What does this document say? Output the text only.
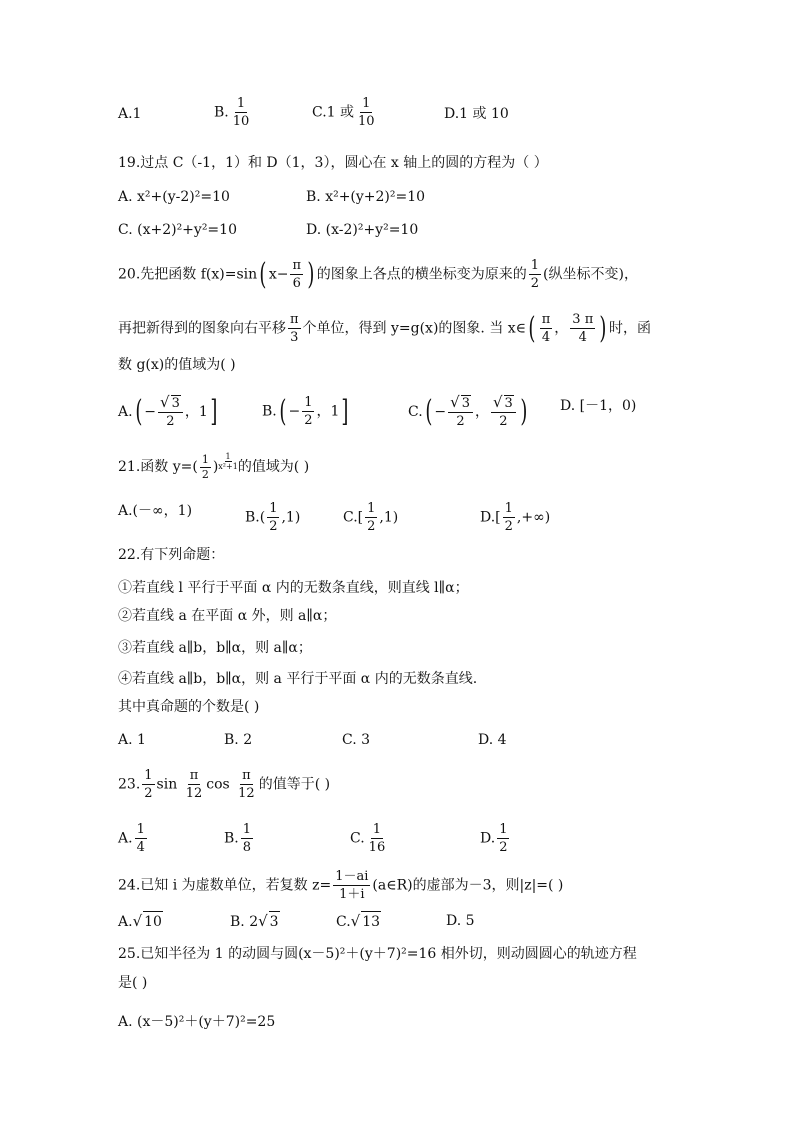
A.1	B. $\frac{1}{10}$	C.1 或 $\frac{1}{10}$	D.1 或 10
19.过点 C（-1，1）和 D（1，3），圆心在 x 轴上的圆的方程为（ ）
A. x²+(y-2)²=10	B. x²+(y+2)²=10
C. (x+2)²+y²=10	D. (x-2)²+y²=10
20.先把函数 f(x)=sin( $x- \frac{\pi}{6}$ ) 的图象上各点的横坐标变为原来的 $\frac{1}{2}$ (纵坐标不变)，
再把新得到的图象向右平移 $\frac{\pi}{3}$ 个单位，得到 y=g(x)的图象. 当 x∈( $\frac{\pi}{4}$ ， $\frac{3 \pi}{4}$ ) 时，函
数 g(x)的值域为( )
$A.( - \frac{√ 3}{2}$ ，1]	$B.( - \frac{1}{2}$ ，1]	$C.( - \frac{√ 3}{2}$ ， $\frac{√ 3}{2}$ ) D. [－1，0)
21.函数 $y=( \frac{1}{2}$ ) $\frac{1}{\text{x²+1}}$ 的值域为( )
A.(－∞，1)	$B.( \frac{1}{2} ,1)$	$C.[ \frac{1}{2} ,1)$	$D.[ \frac{1}{2}$ ,+∞)
22.有下列命题：
①若直线 l 平行于平面 α 内的无数条直线，则直线 l∥α；
②若直线 a 在平面 α 外，则 a∥α；
③若直线 a∥b，b∥α，则 a∥α；
④若直线 a∥b，b∥α，则 a 平行于平面 α 内的无数条直线.
其中真命题的个数是( )
A. 1	B. 2	C. 3	D. 4
23. $\frac{1}{2}$ $\sin \frac{\pi}{12}$ $\cos \frac{\pi}{12}$ 的值等于( )
A. $\frac{1}{4}$	B. $\frac{1}{8}$	C. $\frac{1}{16}$	D. $\frac{1}{2}$
24.已知 i 为虚数单位，若复数 $z= \frac{1-ai}{1+i}$ (a∈R)的虚部为－3，则|z|=( )
A.√ 10	B. 2√ 3	C.√ 13	D. 5
25.已知半径为 1 的动圆与圆(x－5)²＋(y＋7)²=16 相外切，则动圆圆心的轨迹方程
是( )
A. (x－5)²＋(y＋7)²=25
